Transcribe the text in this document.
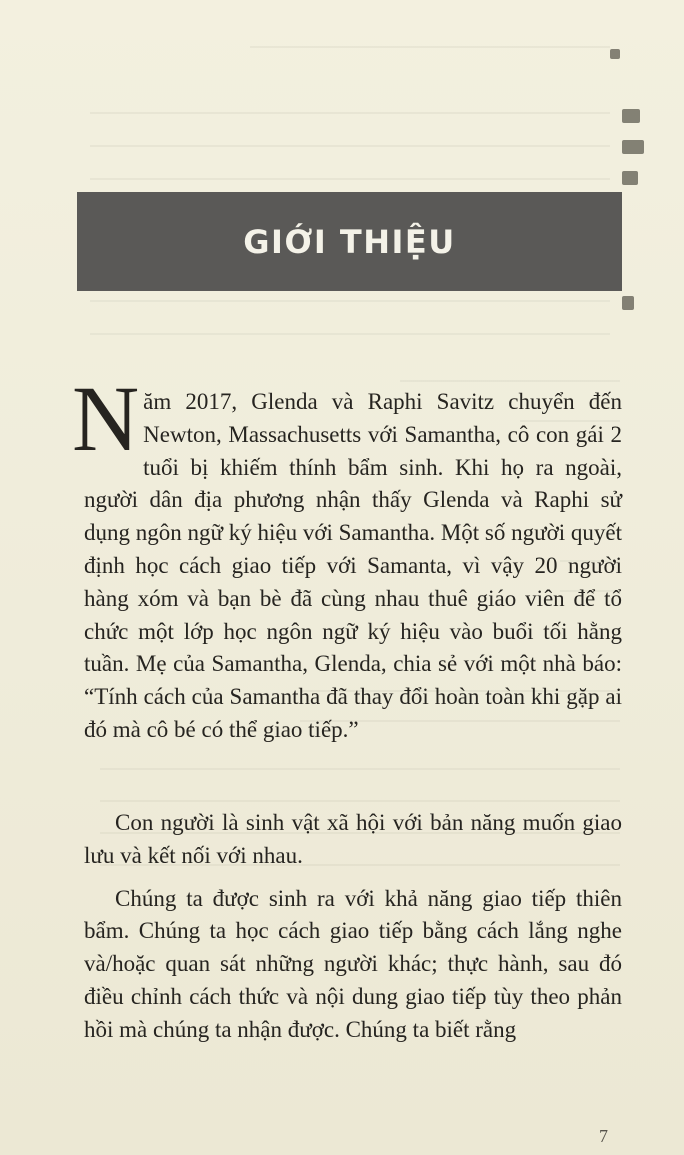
GIỚI THIỆU

Năm 2017, Glenda và Raphi Savitz chuyển đến Newton, Massachusetts với Samantha, cô con gái 2 tuổi bị khiếm thính bẩm sinh. Khi họ ra ngoài, người dân địa phương nhận thấy Glenda và Raphi sử dụng ngôn ngữ ký hiệu với Samantha. Một số người quyết định học cách giao tiếp với Samanta, vì vậy 20 người hàng xóm và bạn bè đã cùng nhau thuê giáo viên để tổ chức một lớp học ngôn ngữ ký hiệu vào buổi tối hằng tuần. Mẹ của Samantha, Glenda, chia sẻ với một nhà báo: “Tính cách của Samantha đã thay đổi hoàn toàn khi gặp ai đó mà cô bé có thể giao tiếp.”

Con người là sinh vật xã hội với bản năng muốn giao lưu và kết nối với nhau.

Chúng ta được sinh ra với khả năng giao tiếp thiên bẩm. Chúng ta học cách giao tiếp bằng cách lắng nghe và/hoặc quan sát những người khác; thực hành, sau đó điều chỉnh cách thức và nội dung giao tiếp tùy theo phản hồi mà chúng ta nhận được. Chúng ta biết rằng

7
